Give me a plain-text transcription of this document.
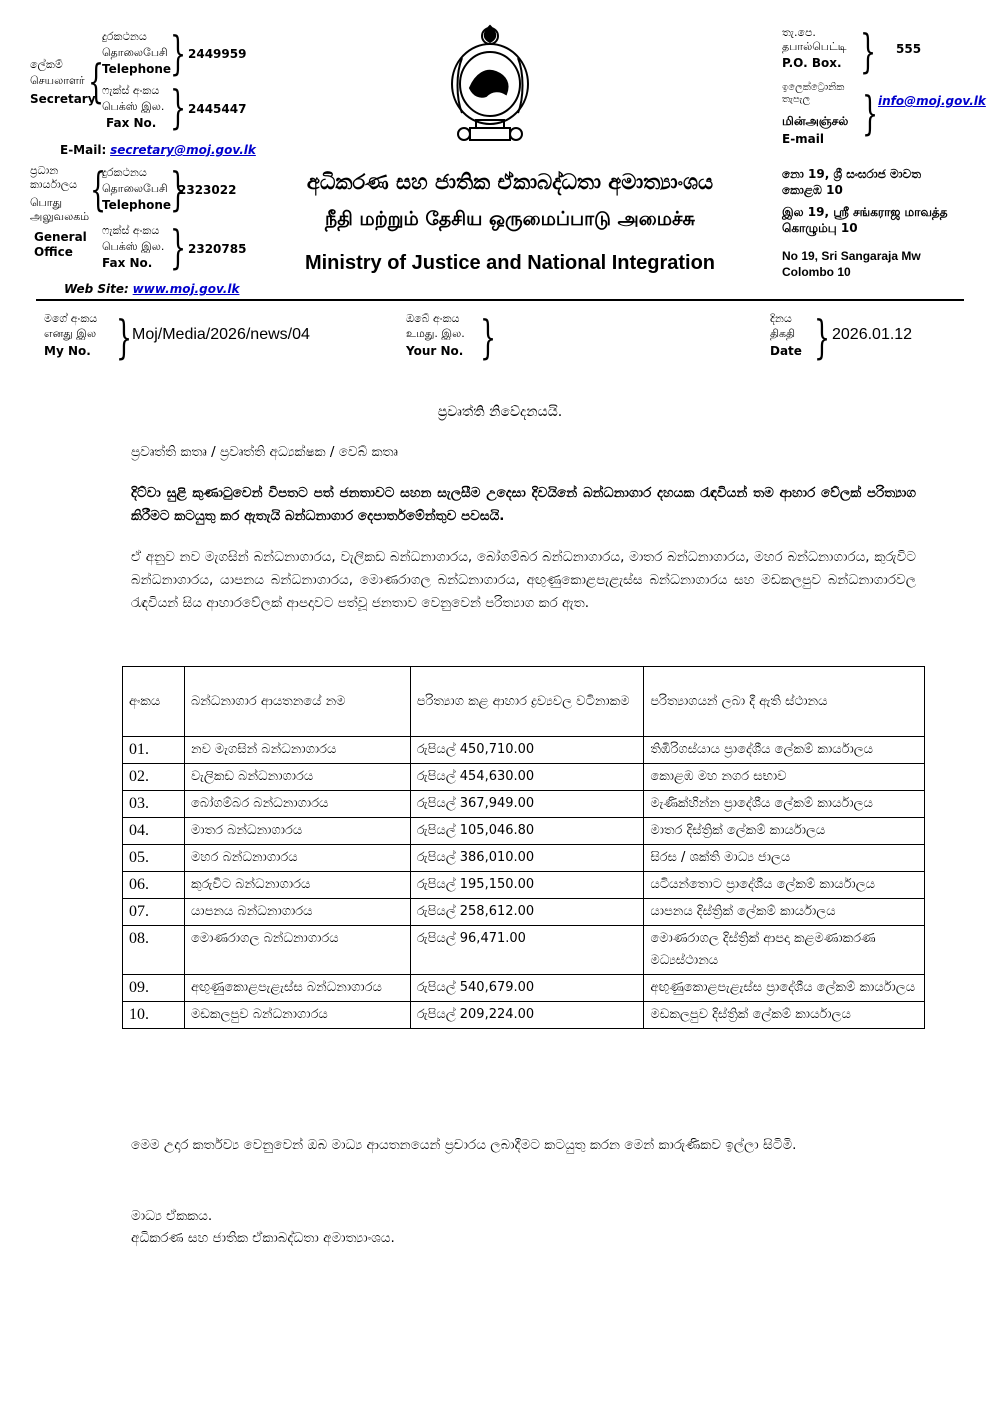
ලේකම්
செயலாளர்
Secretary
{
දුරකථනය
தொலைபேசி
Telephone
} 2449959
ෆැක්ස් අංකය
பெக்ஸ் இல.
Fax No. } 2445447
E-Mail: secretary@moj.gov.lk
ප්‍රධාන කාර්යාලය
பொது அலுவலகம்
General Office
{
දුරකථනය
தொலைபேசி
Telephone
}
2323022
ෆැක්ස් අංකය
பெக்ஸ் இல.
Fax No. } 2320785
Web Site: www.moj.gov.lk
අධිකරණ සහ ජාතික ඒකාබද්ධතා අමාත්‍යාංශය
நீதி மற்றும் தேசிய ஒருமைப்பாடு அமைச்சு
Ministry of Justice and National Integration
තැ.පෙ.
தபால்பெட்டி
P.O. Box. } 555
ඉලෙක්ට්‍රොනික තැපැල
மின்அஞ்சல்
E-mail } info@moj.gov.lk
නො 19, ශ්‍රී සංඝරාජ මාවත
කොළඹ 10
இல 19, ஸ்ரீ சங்கராஜ மாவத்த
கொழும்பு 10
No 19, Sri Sangaraja Mw
Colombo 10
මගේ අංකය
எனது இல
My No. } Moj/Media/2026/news/04
ඔබේ අංකය
உமது. இல.
Your No. }	දිනය
திகதி
Date } 2026.01.12
ප්‍රවෘත්ති නිවේදනයයි.
ප්‍රවෘත්ති කතෘ / ප්‍රවෘත්ති අධ්‍යක්ෂක / වෙබ් කතෘ
දිට්වා සුළි කුණාටුවෙන් විපතට පත් ජනතාවට සහන සැලසීම උදෙසා දිවයිනේ බන්ධනාගාර දහයක රැඳවියන් තම ආහාර වේලක් පරිත්‍යාග කිරීමට කටයුතු කර ඇතැයි බන්ධනාගාර දෙපාර්තමේන්තුව පවසයි.
ඒ අනුව නව මැගසින් බන්ධනාගාරය, වැලිකඩ බන්ධනාගාරය, බෝගම්බර බන්ධනාගාරය, මාතර බන්ධනාගාරය, මහර බන්ධනාගාරය, කුරුවිට බන්ධනාගාරය, යාපනය බන්ධනාගාරය, මොණරාගල බන්ධනාගාරය, අඟුණුකොළපැළැස්ස බන්ධනාගාරය සහ මඩකලපුව බන්ධනාගාරවල රැඳවියන් සිය ආහාරවේලක් ආපදාවට පත්වූ ජනතාව වෙනුවෙන් පරිත්‍යාග කර ඇත.
අංකය	බන්ධනාගාර ආයතනයේ නම	පරිත්‍යාග කළ ආහාර ද්‍රව්‍යවල වටිනාකම	පරිත්‍යාගයන් ලබා දී ඇති ස්ථානය
01.	නව මැගසින් බන්ධනාගාරය	රුපියල් 450,710.00	තිඹිරිගස්යාය ප්‍රාදේශීය ලේකම් කාර්යාලය
02.	වැලිකඩ බන්ධනාගාරය	රුපියල් 454,630.00	කොළඹ මහ නගර සභාව
03.	බෝගම්බර බන්ධනාගාරය	රුපියල් 367,949.00	මැණික්හින්න ප්‍රාදේශීය ලේකම් කාර්යාලය
04.	මාතර බන්ධනාගාරය	රුපියල් 105,046.80	මාතර දිස්ත්‍රික් ලේකම් කාර්යාලය
05.	මහර බන්ධනාගාරය	රුපියල් 386,010.00	සිරස / ශක්ති මාධ්‍ය ජාලය
06.	කුරුවිට බන්ධනාගාරය	රුපියල් 195,150.00	යටියන්තොට ප්‍රාදේශීය ලේකම් කාර්යාලය
07.	යාපනය බන්ධනාගාරය	රුපියල් 258,612.00	යාපනය දිස්ත්‍රික් ලේකම් කාර්යාලය
08.	මොණරාගල බන්ධනාගාරය	රුපියල් 96,471.00	මොණරාගල දිස්ත්‍රික් ආපදා කළමණාකරණ මධ්‍යස්ථානය
09.	අඟුණුකොළපැළැස්ස බන්ධනාගාරය	රුපියල් 540,679.00	අඟුණුකොළපැළැස්ස ප්‍රාදේශීය ලේකම් කාර්යාලය
10.	මඩකලපුව බන්ධනාගාරය	රුපියල් 209,224.00	මඩකලපුව දිස්ත්‍රික් ලේකම් කාර්යාලය
මෙම උදාර කර්තව්‍ය වෙනුවෙන් ඔබ මාධ්‍ය ආයතනයෙන් ප්‍රචාරය ලබාදීමට කටයුතු කරන මෙන් කාරුණිකව ඉල්ලා සිටිමි.
මාධ්‍ය ඒකකය.
අධිකරණ සහ ජාතික ඒකාබද්ධතා අමාත්‍යාංශය.
